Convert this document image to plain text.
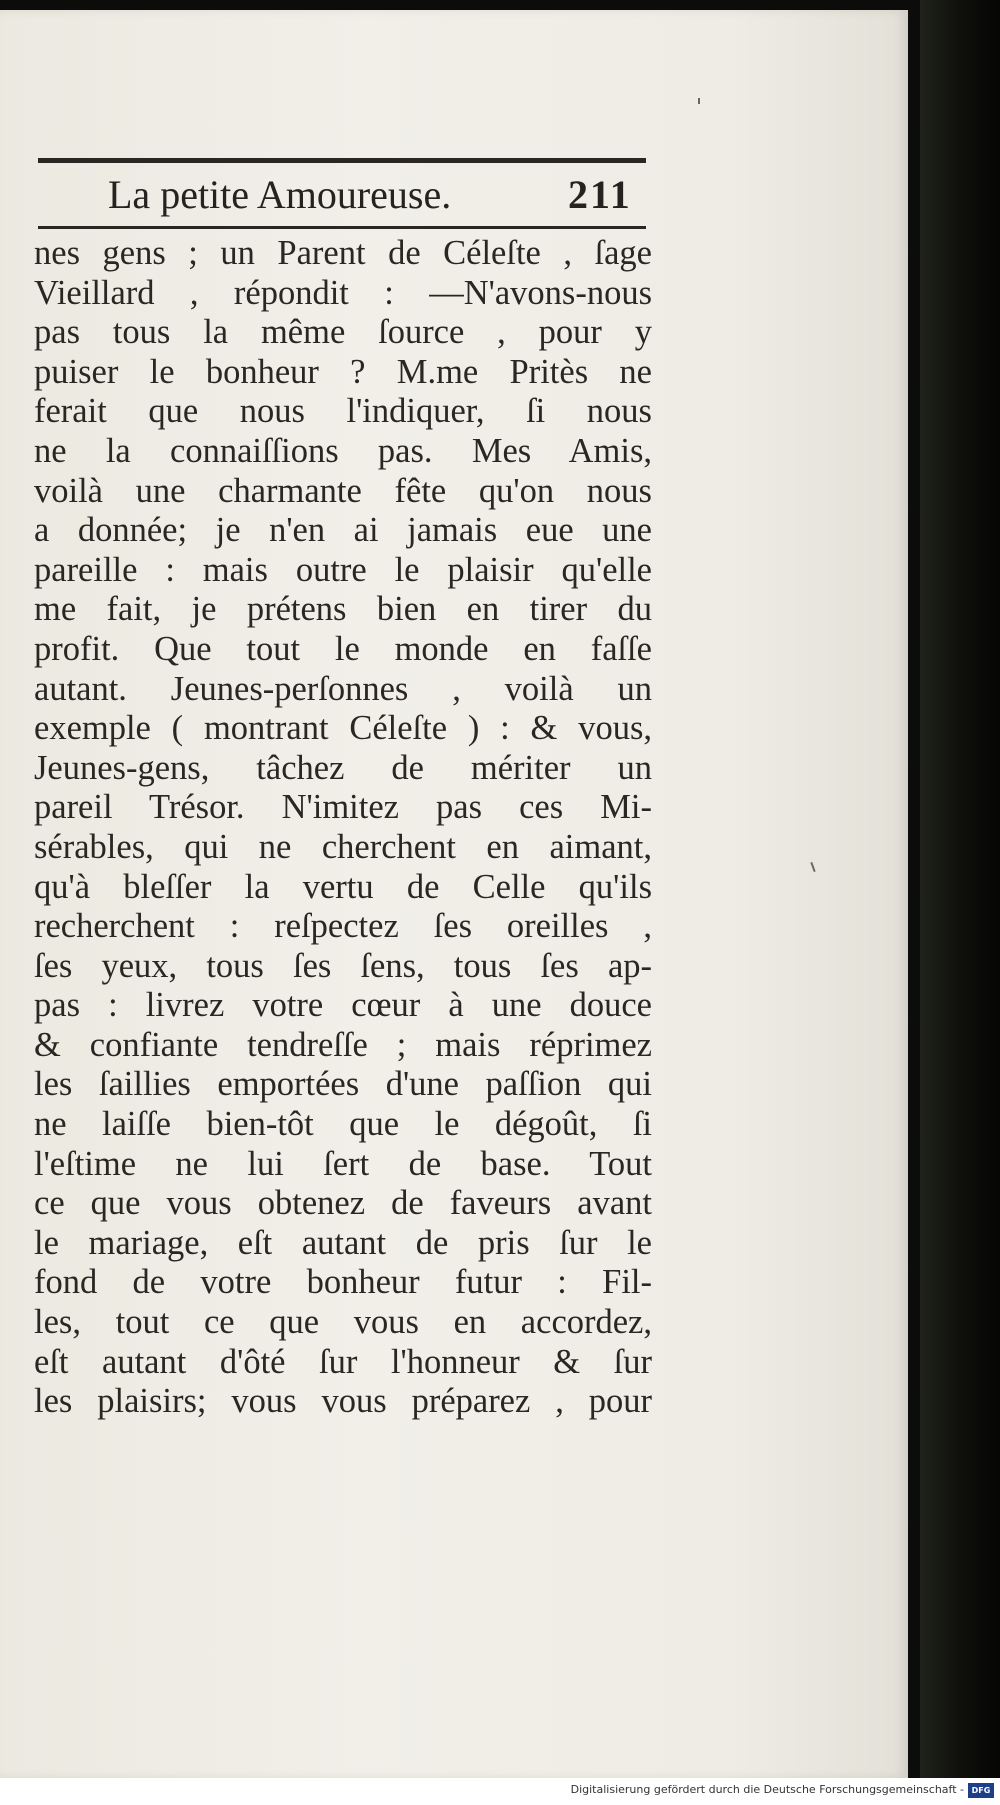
La petite Amoureuse.	211
nes gens ; un Parent de Céleſte , ſage
Vieillard , répondit : —N'avons-nous
pas tous la même ſource , pour y
puiser le bonheur ? M.me Pritès ne
ferait que nous l'indiquer, ſi nous
ne la connaiſſions pas. Mes Amis,
voilà une charmante fête qu'on nous
a donnée; je n'en ai jamais eue une
pareille : mais outre le plaisir qu'elle
me fait, je prétens bien en tirer du
profit. Que tout le monde en faſſe
autant. Jeunes-perſonnes , voilà un
exemple ( montrant Céleſte ) : & vous,
Jeunes-gens, tâchez de mériter un
pareil Trésor. N'imitez pas ces Mi-
sérables, qui ne cherchent en aimant,
qu'à bleſſer la vertu de Celle qu'ils
recherchent : reſpectez ſes oreilles ,
ſes yeux, tous ſes ſens, tous ſes ap-
pas : livrez votre cœur à une douce
& confiante tendreſſe ; mais réprimez
les ſaillies emportées d'une paſſion qui
ne laiſſe bien-tôt que le dégoût, ſi
l'eſtime ne lui ſert de base. Tout
ce que vous obtenez de faveurs avant
le mariage, eſt autant de pris ſur le
fond de votre bonheur futur : Fil-
les, tout ce que vous en accordez,
eſt autant d'ôté ſur l'honneur & ſur
les plaisirs; vous vous préparez , pour
Digitalisierung gefördert durch die Deutsche Forschungsgemeinschaft - DFG
